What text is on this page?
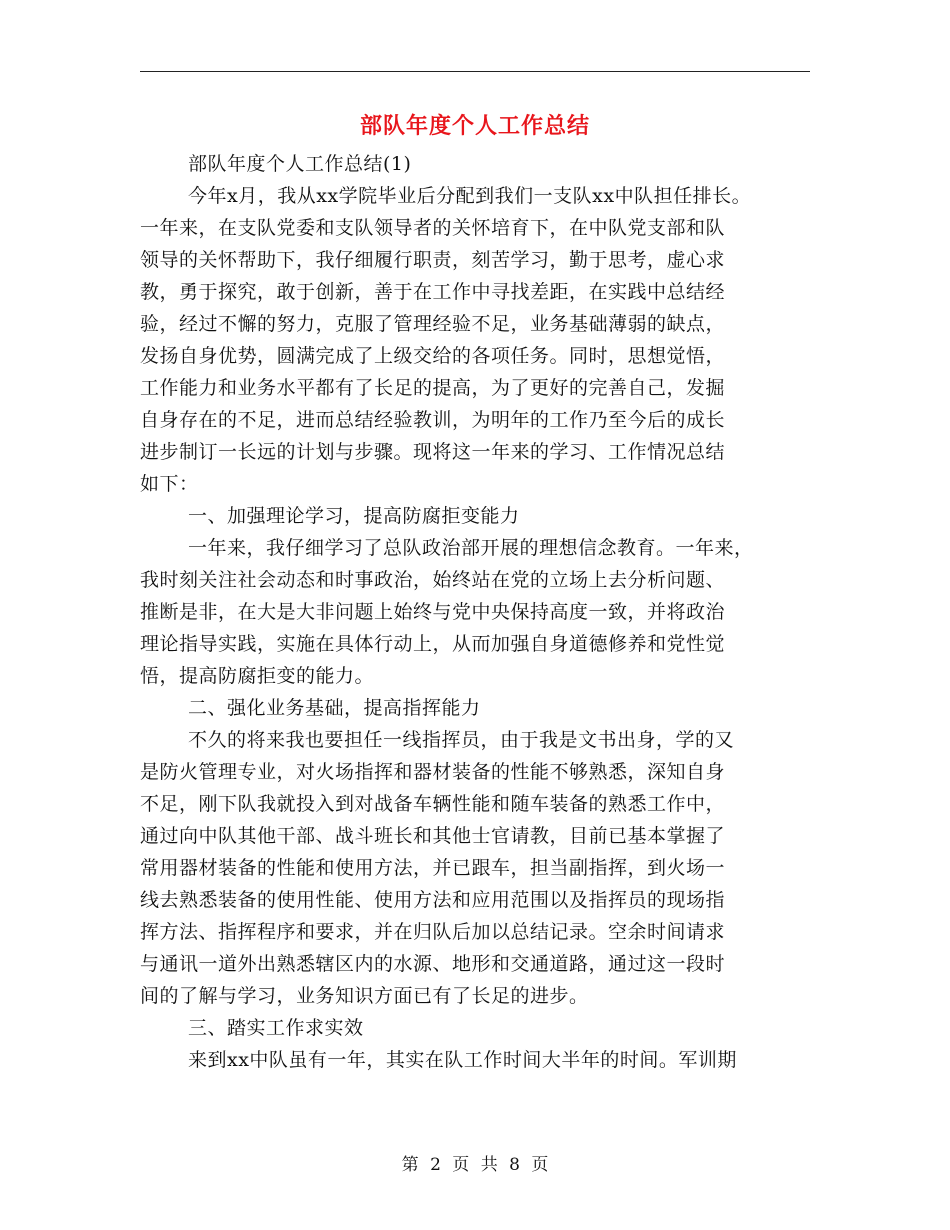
部队年度个人工作总结
部队年度个人工作总结(1)
今年x月，我从xx学院毕业后分配到我们一支队xx中队担任排长。
一年来，在支队党委和支队领导者的关怀培育下，在中队党支部和队
领导的关怀帮助下，我仔细履行职责，刻苦学习，勤于思考，虚心求
教，勇于探究，敢于创新，善于在工作中寻找差距，在实践中总结经
验，经过不懈的努力，克服了管理经验不足，业务基础薄弱的缺点，
发扬自身优势，圆满完成了上级交给的各项任务。同时，思想觉悟，
工作能力和业务水平都有了长足的提高，为了更好的完善自己，发掘
自身存在的不足，进而总结经验教训，为明年的工作乃至今后的成长
进步制订一长远的计划与步骤。现将这一年来的学习、工作情况总结
如下：
一、加强理论学习，提高防腐拒变能力
一年来，我仔细学习了总队政治部开展的理想信念教育。一年来，
我时刻关注社会动态和时事政治，始终站在党的立场上去分析问题、
推断是非，在大是大非问题上始终与党中央保持高度一致，并将政治
理论指导实践，实施在具体行动上，从而加强自身道德修养和党性觉
悟，提高防腐拒变的能力。
二、强化业务基础，提高指挥能力
不久的将来我也要担任一线指挥员，由于我是文书出身，学的又
是防火管理专业，对火场指挥和器材装备的性能不够熟悉，深知自身
不足，刚下队我就投入到对战备车辆性能和随车装备的熟悉工作中，
通过向中队其他干部、战斗班长和其他士官请教，目前已基本掌握了
常用器材装备的性能和使用方法，并已跟车，担当副指挥，到火场一
线去熟悉装备的使用性能、使用方法和应用范围以及指挥员的现场指
挥方法、指挥程序和要求，并在归队后加以总结记录。空余时间请求
与通讯一道外出熟悉辖区内的水源、地形和交通道路，通过这一段时
间的了解与学习，业务知识方面已有了长足的进步。
三、踏实工作求实效
来到xx中队虽有一年，其实在队工作时间大半年的时间。军训期
第 2 页 共 8 页
